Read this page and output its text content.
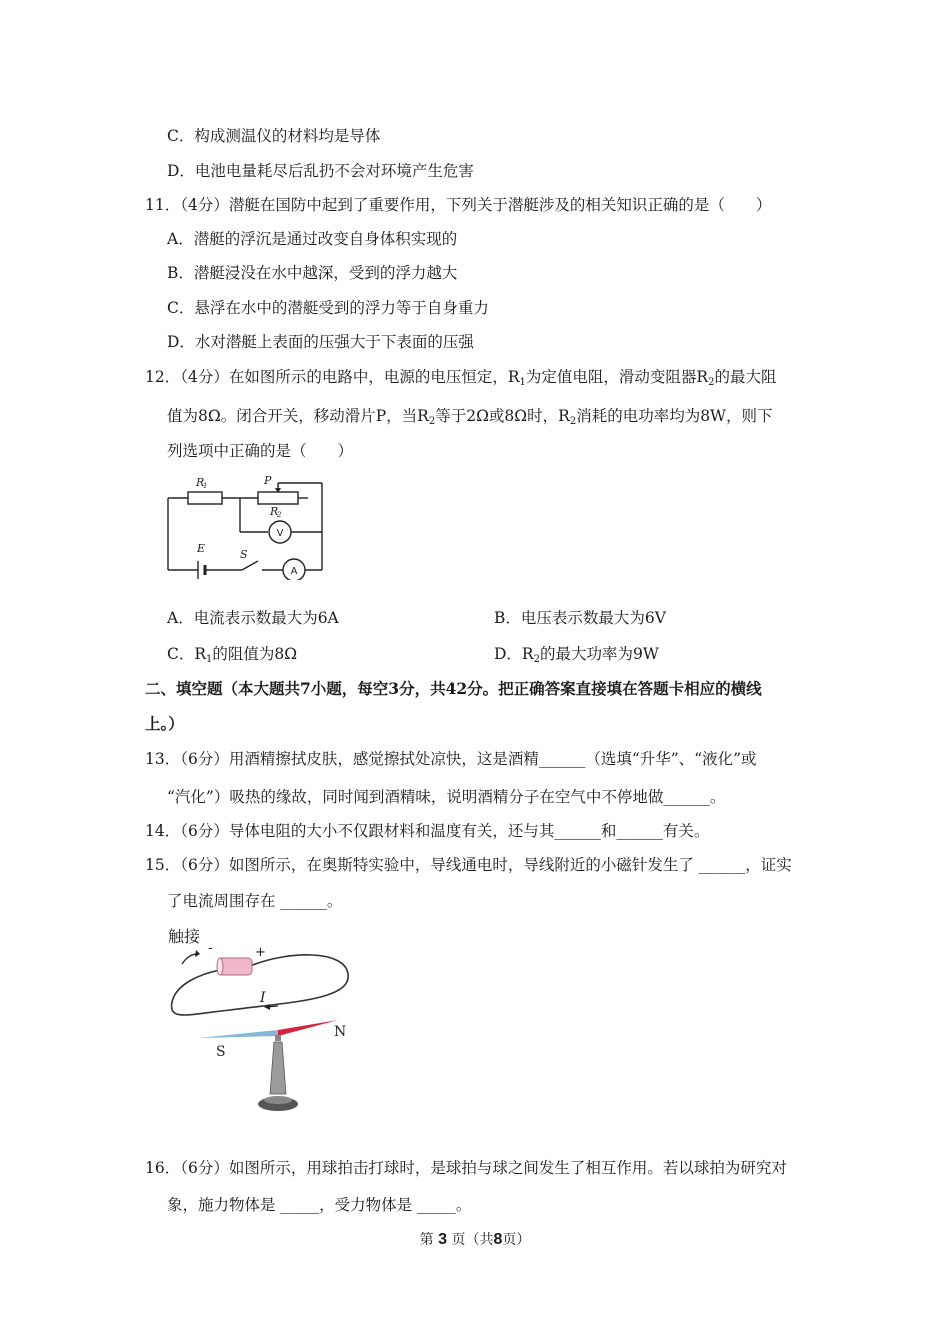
C．构成测温仪的材料均是导体
D．电池电量耗尽后乱扔不会对环境产生危害
11．（4分）潜艇在国防中起到了重要作用，下列关于潜艇涉及的相关知识正确的是（　　）
A．潜艇的浮沉是通过改变自身体积实现的
B．潜艇浸没在水中越深，受到的浮力越大
C．悬浮在水中的潜艇受到的浮力等于自身重力
D．水对潜艇上表面的压强大于下表面的压强
12．（4分）在如图所示的电路中，电源的电压恒定，$R_1$为定值电阻，滑动变阻器$R_2$的最大阻
值为8Ω。闭合开关，移动滑片P，当$R_2$等于2Ω或8Ω时，$R_2$消耗的电功率均为8W，则下
列选项中正确的是（　　）
R
1	P
R
2
E	S
V
A
A．电流表示数最大为6A	B．电压表示数最大为6V
C．$R_1$的阻值为8Ω	D．$R_2$的最大功率为9W
二、填空题（本大题共7小题，每空3分，共42分。把正确答案直接填在答题卡相应的横线
上。）
13．（6分）用酒精擦拭皮肤，感觉擦拭处凉快，这是酒精______（选填“升华”、“液化”或
“汽化”）吸热的缘故，同时闻到酒精味，说明酒精分子在空气中不停地做______。
14．（6分）导体电阻的大小不仅跟材料和温度有关，还与其______和______有关。
15．（6分）如图所示，在奥斯特实验中，导线通电时，导线附近的小磁针发生了 ______，证实
了电流周围存在 ______。
触接
-	+
I
S
N
16．（6分）如图所示，用球拍击打球时，是球拍与球之间发生了相互作用。若以球拍为研究对
象，施力物体是 _____，受力物体是 _____。
第 3 页（共8页）
